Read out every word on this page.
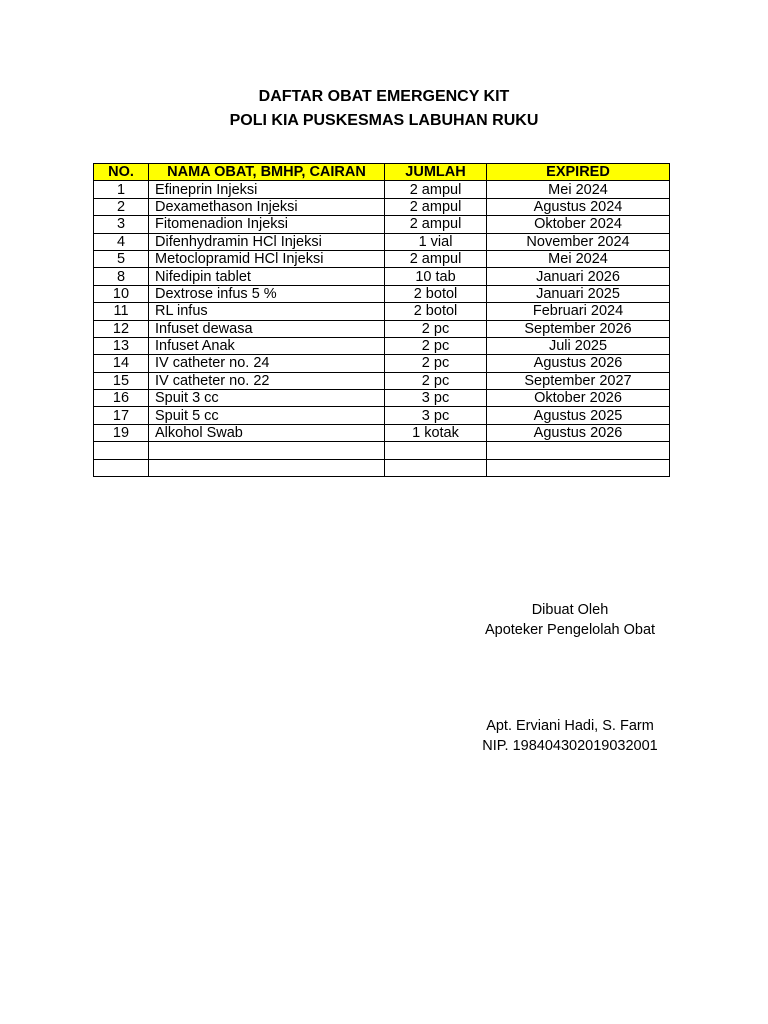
DAFTAR OBAT EMERGENCY KIT
POLI KIA PUSKESMAS LABUHAN RUKU
NO.	NAMA OBAT, BMHP, CAIRAN	JUMLAH	EXPIRED
1	Efineprin Injeksi	2 ampul	Mei 2024
2	Dexamethason Injeksi	2 ampul	Agustus 2024
3	Fitomenadion Injeksi	2 ampul	Oktober 2024
4	Difenhydramin HCl Injeksi	1 vial	November 2024
5	Metoclopramid HCl Injeksi	2 ampul	Mei 2024
8	Nifedipin tablet	10 tab	Januari 2026
10	Dextrose infus 5 %	2 botol	Januari 2025
11	RL infus	2 botol	Februari 2024
12	Infuset dewasa	2 pc	September 2026
13	Infuset Anak	2 pc	Juli 2025
14	IV catheter no. 24	2 pc	Agustus 2026
15	IV catheter no. 22	2 pc	September 2027
16	Spuit 3 cc	3 pc	Oktober 2026
17	Spuit 5 cc	3 pc	Agustus 2025
19	Alkohol Swab	1 kotak	Agustus 2026

Dibuat Oleh
Apoteker Pengelolah Obat
Apt. Erviani Hadi, S. Farm
NIP. 198404302019032001
